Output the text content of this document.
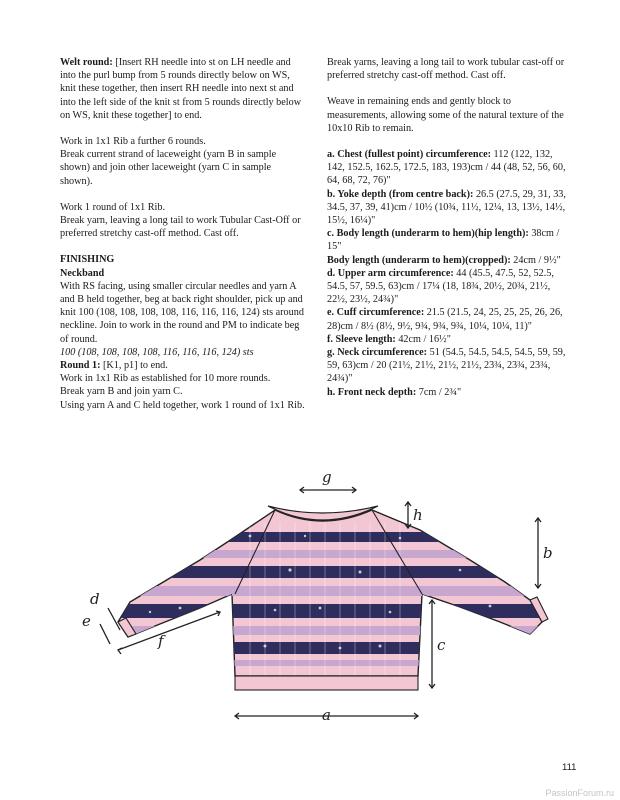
Welt round: [Insert RH needle into st on LH needle and into the purl bump from 5 rounds directly below on WS, knit these together, then insert RH needle into next st and into the left side of the knit st from 5 rounds directly below on WS, knit these together] to end.

Work in 1x1 Rib a further 6 rounds.
Break current strand of laceweight (yarn B in sample shown) and join other laceweight (yarn C in sample shown).

Work 1 round of 1x1 Rib.
Break yarn, leaving a long tail to work Tubular Cast-Off or preferred stretchy cast-off method. Cast off.

FINISHING

Neckband

With RS facing, using smaller circular needles and yarn A and B held together, beg at back right shoulder, pick up and knit 100 (108, 108, 108, 108, 116, 116, 116, 124) sts around neckline. Join to work in the round and PM to indicate beg of round.

100 (108, 108, 108, 108, 116, 116, 116, 124) sts

Round 1: [K1, p1] to end.

Work in 1x1 Rib as established for 10 more rounds.

Break yarn B and join yarn C.

Using yarn A and C held together, work 1 round of 1x1 Rib.

Break yarns, leaving a long tail to work tubular cast-off or preferred stretchy cast-off method. Cast off.

Weave in remaining ends and gently block to measurements, allowing some of the natural texture of the 10x10 Rib to remain.

a. Chest (fullest point) circumference: 112 (122, 132, 142, 152.5, 162.5, 172.5, 183, 193)cm / 44 (48, 52, 56, 60, 64, 68, 72, 76)"

b. Yoke depth (from centre back): 26.5 (27.5, 29, 31, 33, 34.5, 37, 39, 41)cm / 10½ (10¾, 11½, 12¼, 13, 13½, 14½, 15½, 16¼)"

c. Body length (underarm to hem)(hip length): 38cm / 15"

Body length (underarm to hem)(cropped): 24cm / 9½"

d. Upper arm circumference: 44 (45.5, 47.5, 52, 52.5, 54.5, 57, 59.5, 63)cm / 17¼ (18, 18¾, 20½, 20¾, 21½, 22½, 23½, 24¾)"

e. Cuff circumference: 21.5 (21.5, 24, 25, 25, 25, 26, 26, 28)cm / 8½ (8½, 9½, 9¾, 9¾, 9¾, 10¼, 10¼, 11)"

f. Sleeve length: 42cm / 16½"

g. Neck circumference: 51 (54.5, 54.5, 54.5, 54.5, 59, 59, 59, 63)cm / 20 (21½, 21½, 21½, 21½, 23¾, 23¾, 23¾, 24¾)"

h. Front neck depth: 7cm / 2¾"

a
b
c
d
e
f
g
h
111
PassionForum.ru
